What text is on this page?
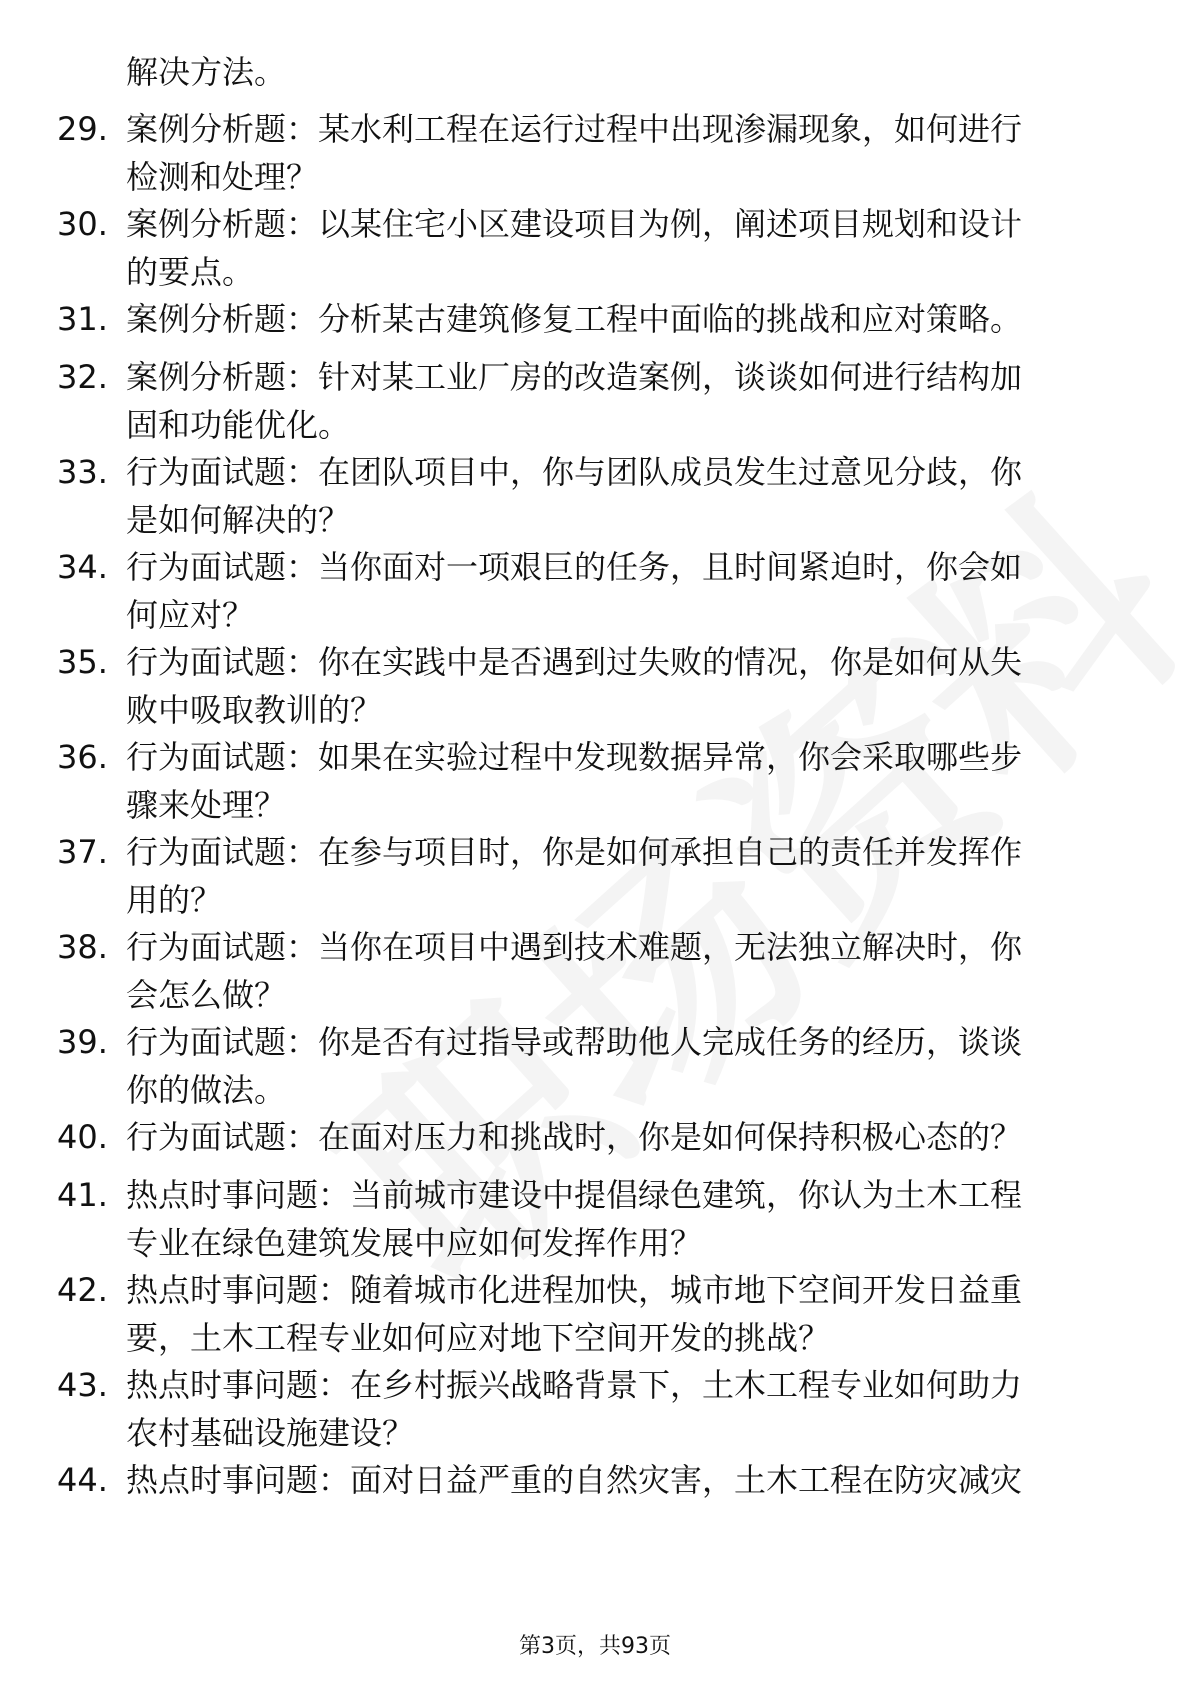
解决方法。
29. 案例分析题：某水利工程在运行过程中出现渗漏现象，如何进行
检测和处理？
30. 案例分析题：以某住宅小区建设项目为例，阐述项目规划和设计
的要点。
31. 案例分析题：分析某古建筑修复工程中面临的挑战和应对策略。
32. 案例分析题：针对某工业厂房的改造案例，谈谈如何进行结构加
固和功能优化。
33. 行为面试题：在团队项目中，你与团队成员发生过意见分歧，你
是如何解决的？
34. 行为面试题：当你面对一项艰巨的任务，且时间紧迫时，你会如
何应对？
35. 行为面试题：你在实践中是否遇到过失败的情况，你是如何从失
败中吸取教训的？
36. 行为面试题：如果在实验过程中发现数据异常，你会采取哪些步
骤来处理？
37. 行为面试题：在参与项目时，你是如何承担自己的责任并发挥作
用的？
38. 行为面试题：当你在项目中遇到技术难题，无法独立解决时，你
会怎么做？
39. 行为面试题：你是否有过指导或帮助他人完成任务的经历，谈谈
你的做法。
40. 行为面试题：在面对压力和挑战时，你是如何保持积极心态的？
41. 热点时事问题：当前城市建设中提倡绿色建筑，你认为土木工程
专业在绿色建筑发展中应如何发挥作用？
42. 热点时事问题：随着城市化进程加快，城市地下空间开发日益重
要，土木工程专业如何应对地下空间开发的挑战？
43. 热点时事问题：在乡村振兴战略背景下，土木工程专业如何助力
农村基础设施建设？
44. 热点时事问题：面对日益严重的自然灾害，土木工程在防灾减灾
第3页，共93页
